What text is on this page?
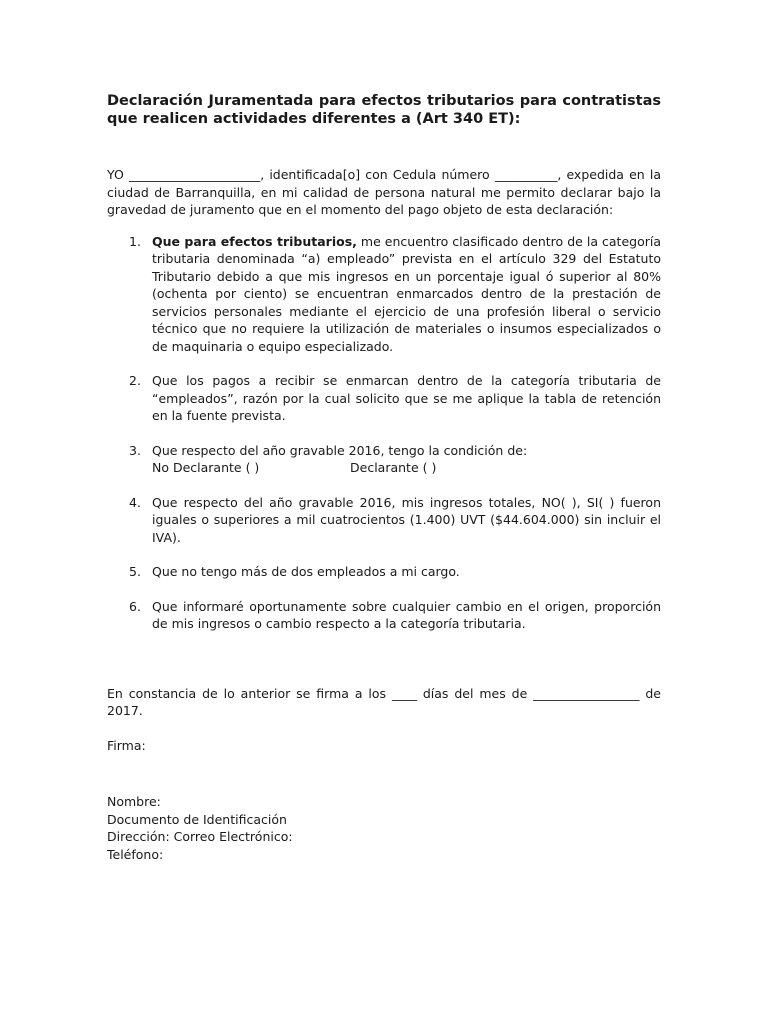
Declaración Juramentada para efectos tributarios para contratistas que realicen actividades diferentes a (Art 340 ET):

YO _____________________, identificada[o] con Cedula número __________, expedida en la ciudad de Barranquilla, en mi calidad de persona natural me permito declarar bajo la gravedad de juramento que en el momento del pago objeto de esta declaración:

1. Que para efectos tributarios, me encuentro clasificado dentro de la categoría tributaria denominada “a) empleado” prevista en el artículo 329 del Estatuto Tributario debido a que mis ingresos en un porcentaje igual ó superior al 80% (ochenta por ciento) se encuentran enmarcados dentro de la prestación de servicios personales mediante el ejercicio de una profesión liberal o servicio técnico que no requiere la utilización de materiales o insumos especializados o de maquinaria o equipo especializado.
2. Que los pagos a recibir se enmarcan dentro de la categoría tributaria de “empleados”, razón por la cual solicito que se me aplique la tabla de retención en la fuente prevista.
3. Que respecto del año gravable 2016, tengo la condición de:
No Declarante ( )	Declarante ( )
4. Que respecto del año gravable 2016, mis ingresos totales, NO( ), SI( ) fueron iguales o superiores a mil cuatrocientos (1.400) UVT ($44.604.000) sin incluir el IVA).
5. Que no tengo más de dos empleados a mi cargo.
6. Que informaré oportunamente sobre cualquier cambio en el origen, proporción de mis ingresos o cambio respecto a la categoría tributaria.

En constancia de lo anterior se firma a los ____ días del mes de _________________ de 2017.

Firma:
Nombre:
Documento de Identificación
Dirección: Correo Electrónico:
Teléfono:
